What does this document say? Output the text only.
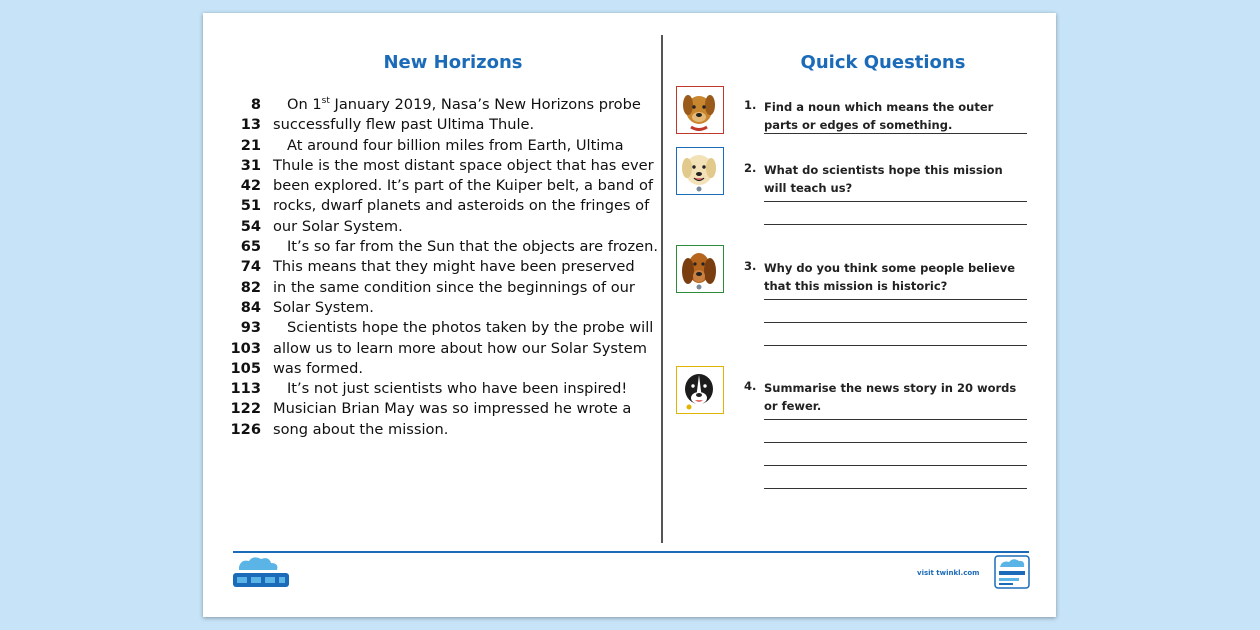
New Horizons	Quick Questions
8	On 1st January 2019, Nasa’s New Horizons probe
13 successfully flew past Ultima Thule.
21	At around four billion miles from Earth, Ultima
31 Thule is the most distant space object that has ever
42 been explored. It’s part of the Kuiper belt, a band of
51 rocks, dwarf planets and asteroids on the fringes of
54 our Solar System.
65	It’s so far from the Sun that the objects are frozen.
74 This means that they might have been preserved
82 in the same condition since the beginnings of our
84 Solar System.
93	Scientists hope the photos taken by the probe will
103 allow us to learn more about how our Solar System
105 was formed.
113	It’s not just scientists who have been inspired!
122 Musician Brian May was so impressed he wrote a
126 song about the mission.
1. Find a noun which means the outer parts or edges of something.
2. What do scientists hope this mission will teach us?
3. Why do you think some people believe that this mission is historic?
4. Summarise the news story in 20 words or fewer.
visit twinkl.com
